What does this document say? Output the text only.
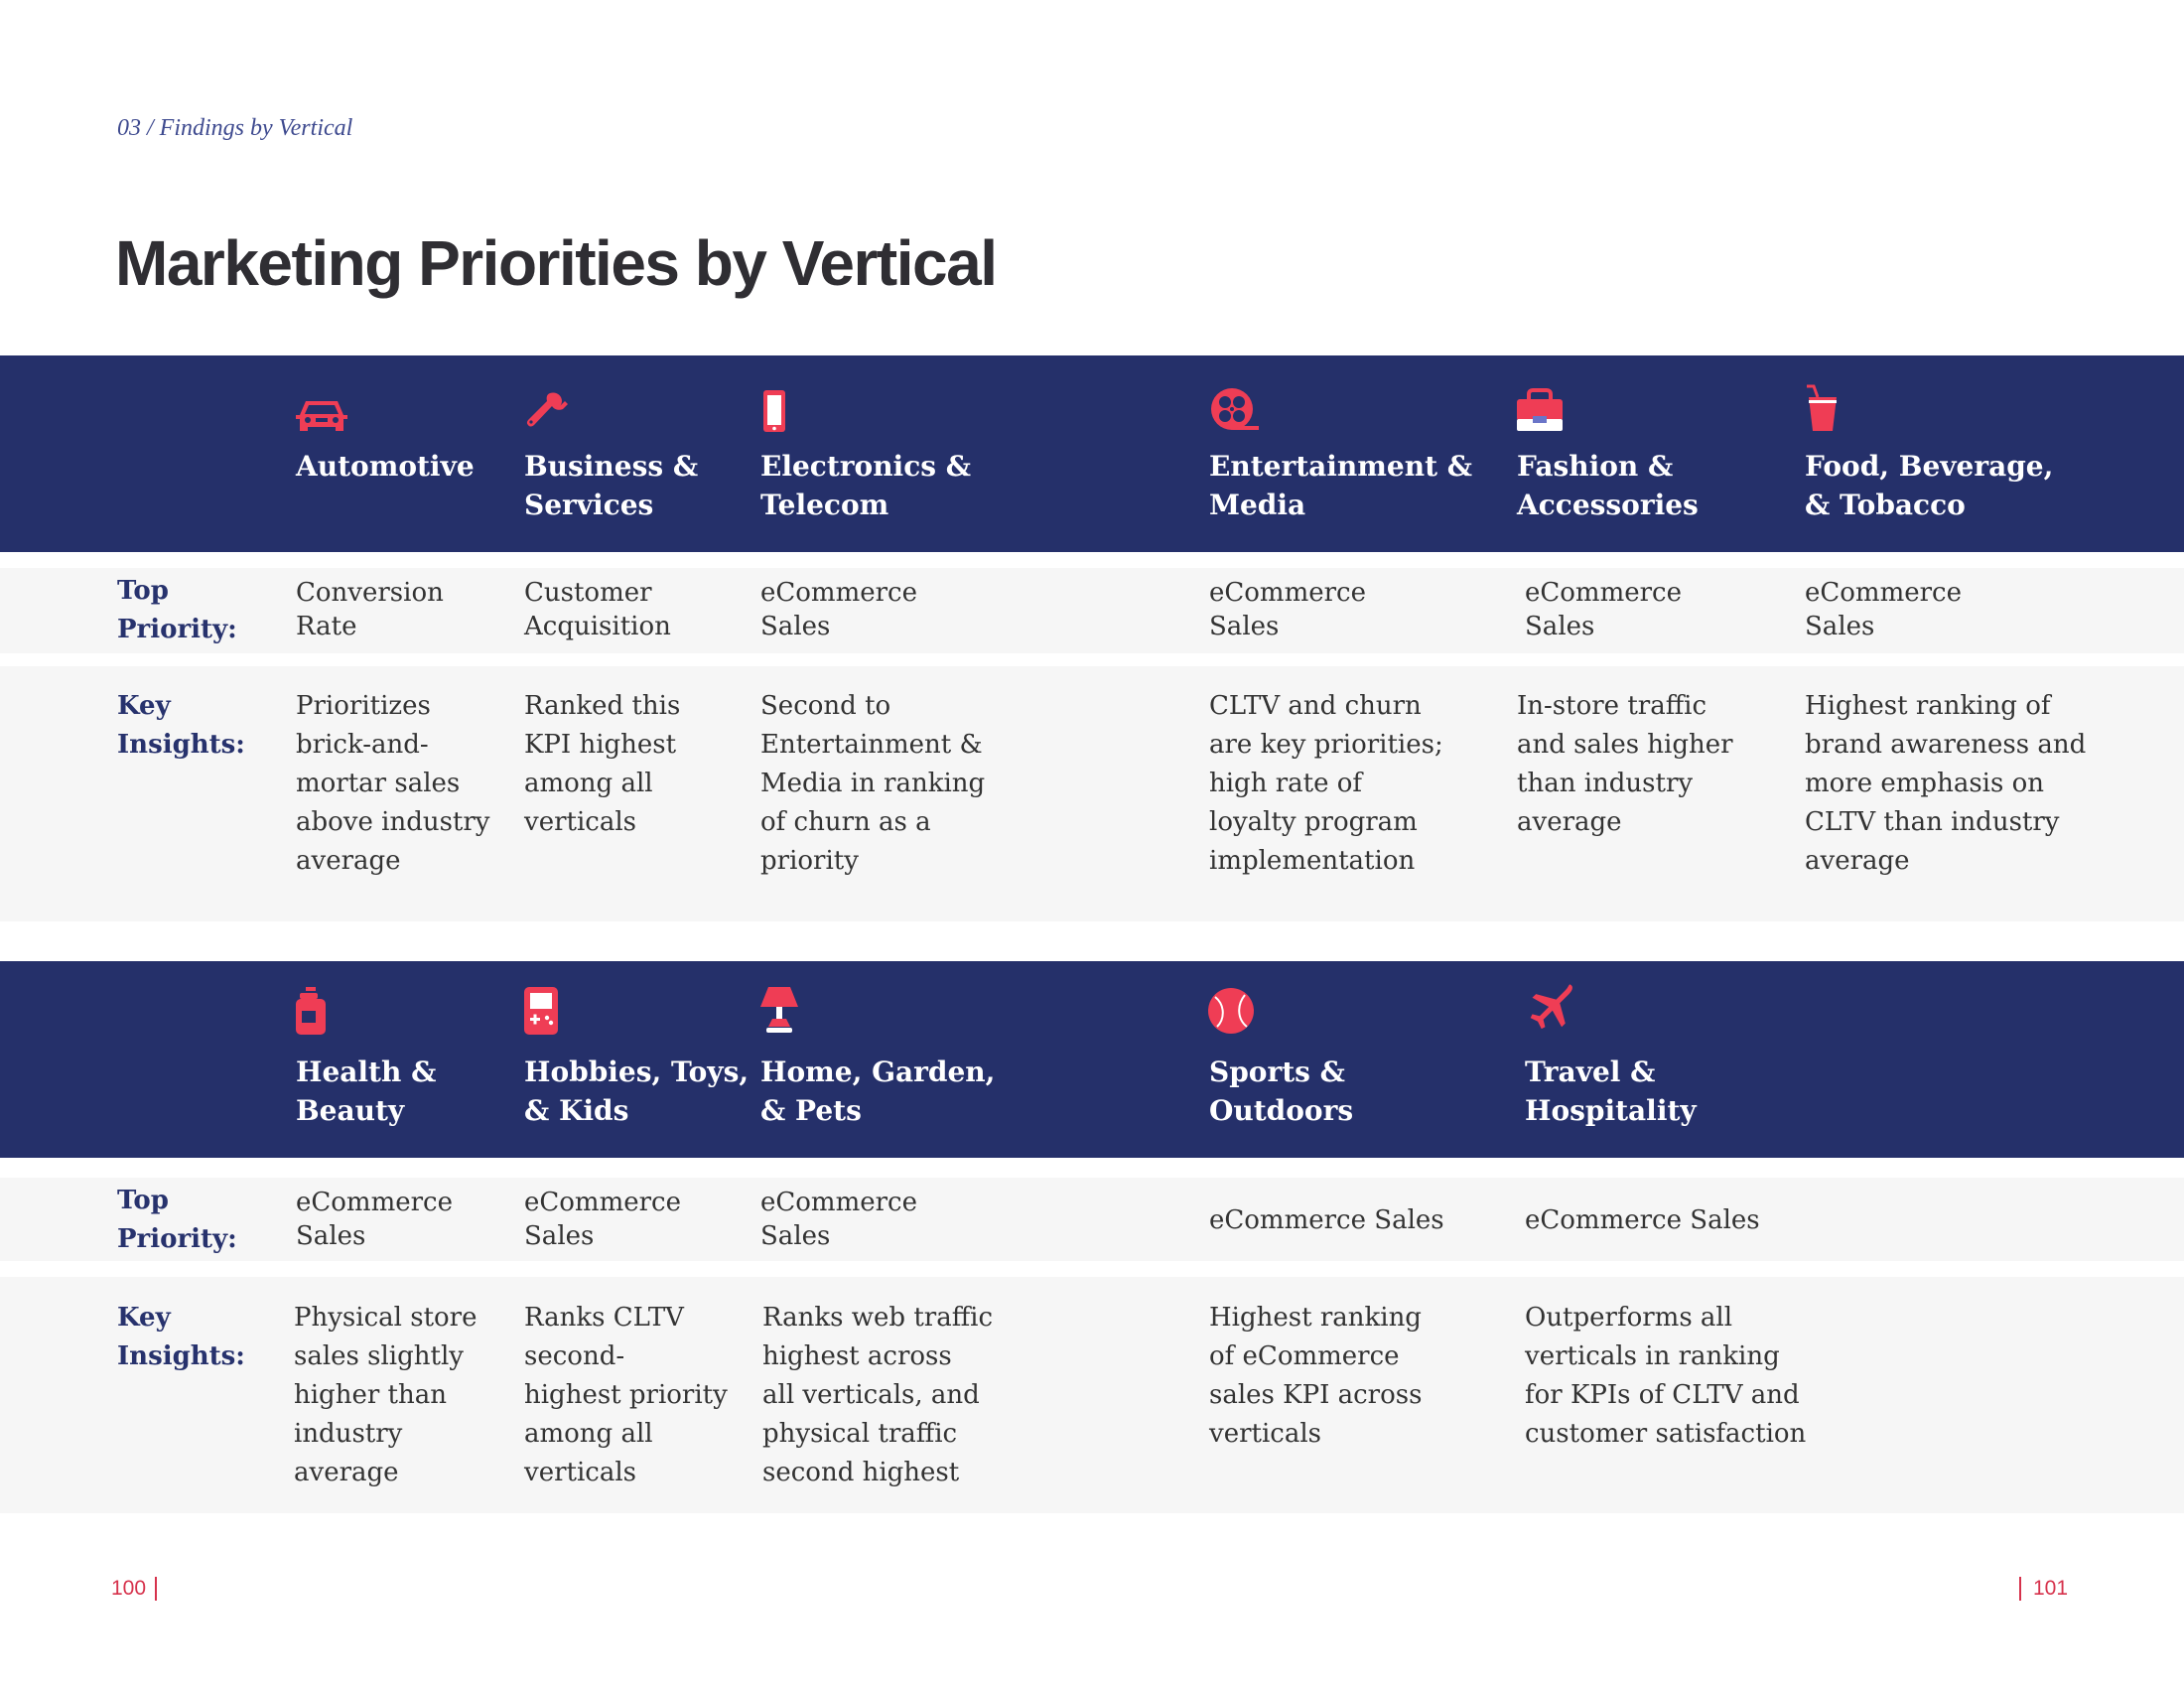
03 / Findings by Vertical
Marketing Priorities by Vertical
Top
Priority:
Key
Insights:
Automotive
Conversion
Rate
Prioritizes
brick-and-
mortar sales
above industry
average
Business &
Services
Customer
Acquisition
Ranked this
KPI highest
among all
verticals
Electronics &
Telecom
eCommerce
Sales
Second to
Entertainment &
Media in ranking
of churn as a
priority
Entertainment &
Media
eCommerce
Sales
CLTV and churn
are key priorities;
high rate of
loyalty program
implementation
Fashion &
Accessories
eCommerce
Sales
In-store traffic
and sales higher
than industry
average
Food, Beverage,
& Tobacco
eCommerce
Sales
Highest ranking of
brand awareness and
more emphasis on
CLTV than industry
average
Top
Priority:
Key
Insights:
Health &
Beauty
eCommerce
Sales
Physical store
sales slightly
higher than
industry
average
Hobbies, Toys,
& Kids
eCommerce
Sales
Ranks CLTV
second-
highest priority
among all
verticals
Home, Garden,
& Pets
eCommerce
Sales
Ranks web traffic
highest across
all verticals, and
physical traffic
second highest
Sports &
Outdoors
eCommerce Sales
Highest ranking
of eCommerce
sales KPI across
verticals
Travel &
Hospitality
eCommerce Sales
Outperforms all
verticals in ranking
for KPIs of CLTV and
customer satisfaction
100	101
